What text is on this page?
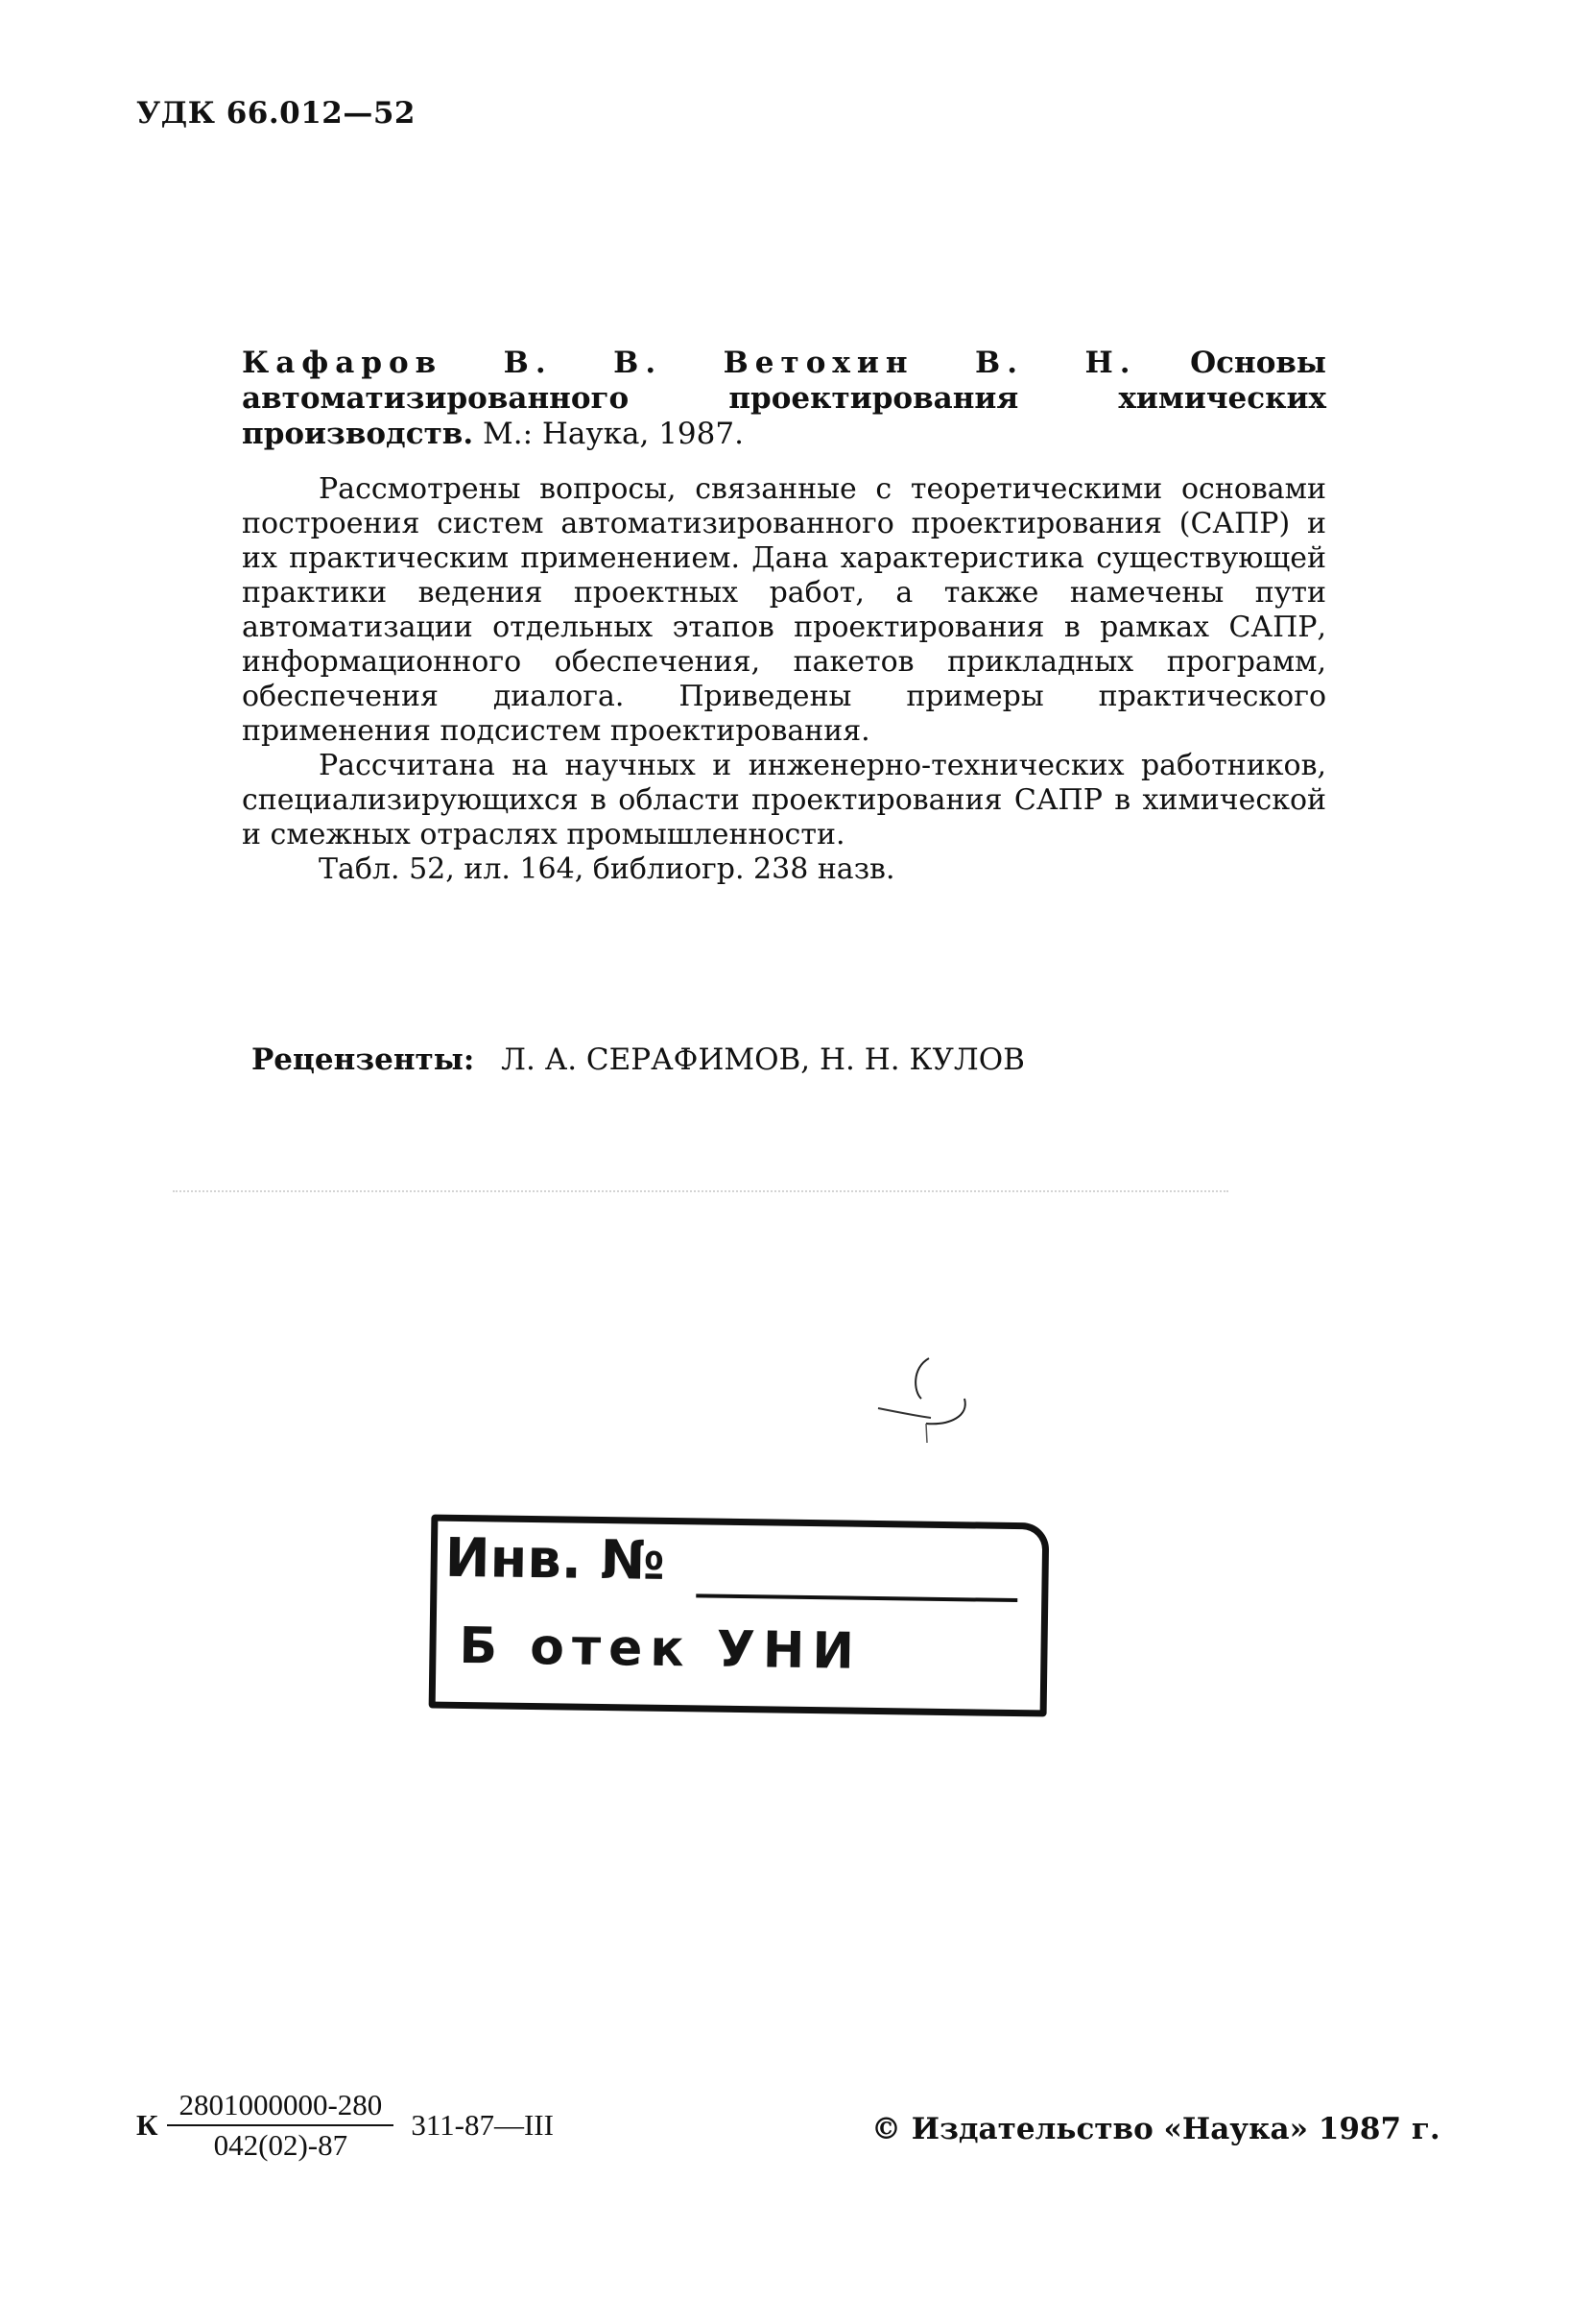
УДК 66.012—52
Кафаров В. В. Ветохин В. Н. Основы автоматизированного проектирования химических производств. М.: Наука, 1987.

Рассмотрены вопросы, связанные с теоретическими основами построения систем автоматизированного проектирования (САПР) и их практическим применением. Дана характеристика существующей практики ведения проектных работ, а также намечены пути автоматизации отдельных этапов проектирования в рамках САПР, информационного обеспечения, пакетов прикладных программ, обеспечения диалога. Приведены примеры практического применения подсистем проектирования.

Рассчитана на научных и инженерно-технических работников, специализирующихся в области проектирования САПР в химической и смежных отраслях промышленности.

Табл. 52, ил. 164, библиогр. 238 назв.

Рецензенты: Л. А. СЕРАФИМОВ, Н. Н. КУЛОВ
Инв. №
Б отек УНИ
К $\frac{2801000000-280}{042(02)-87}$ 311-87—III	© Издательство «Наука» 1987 г.
